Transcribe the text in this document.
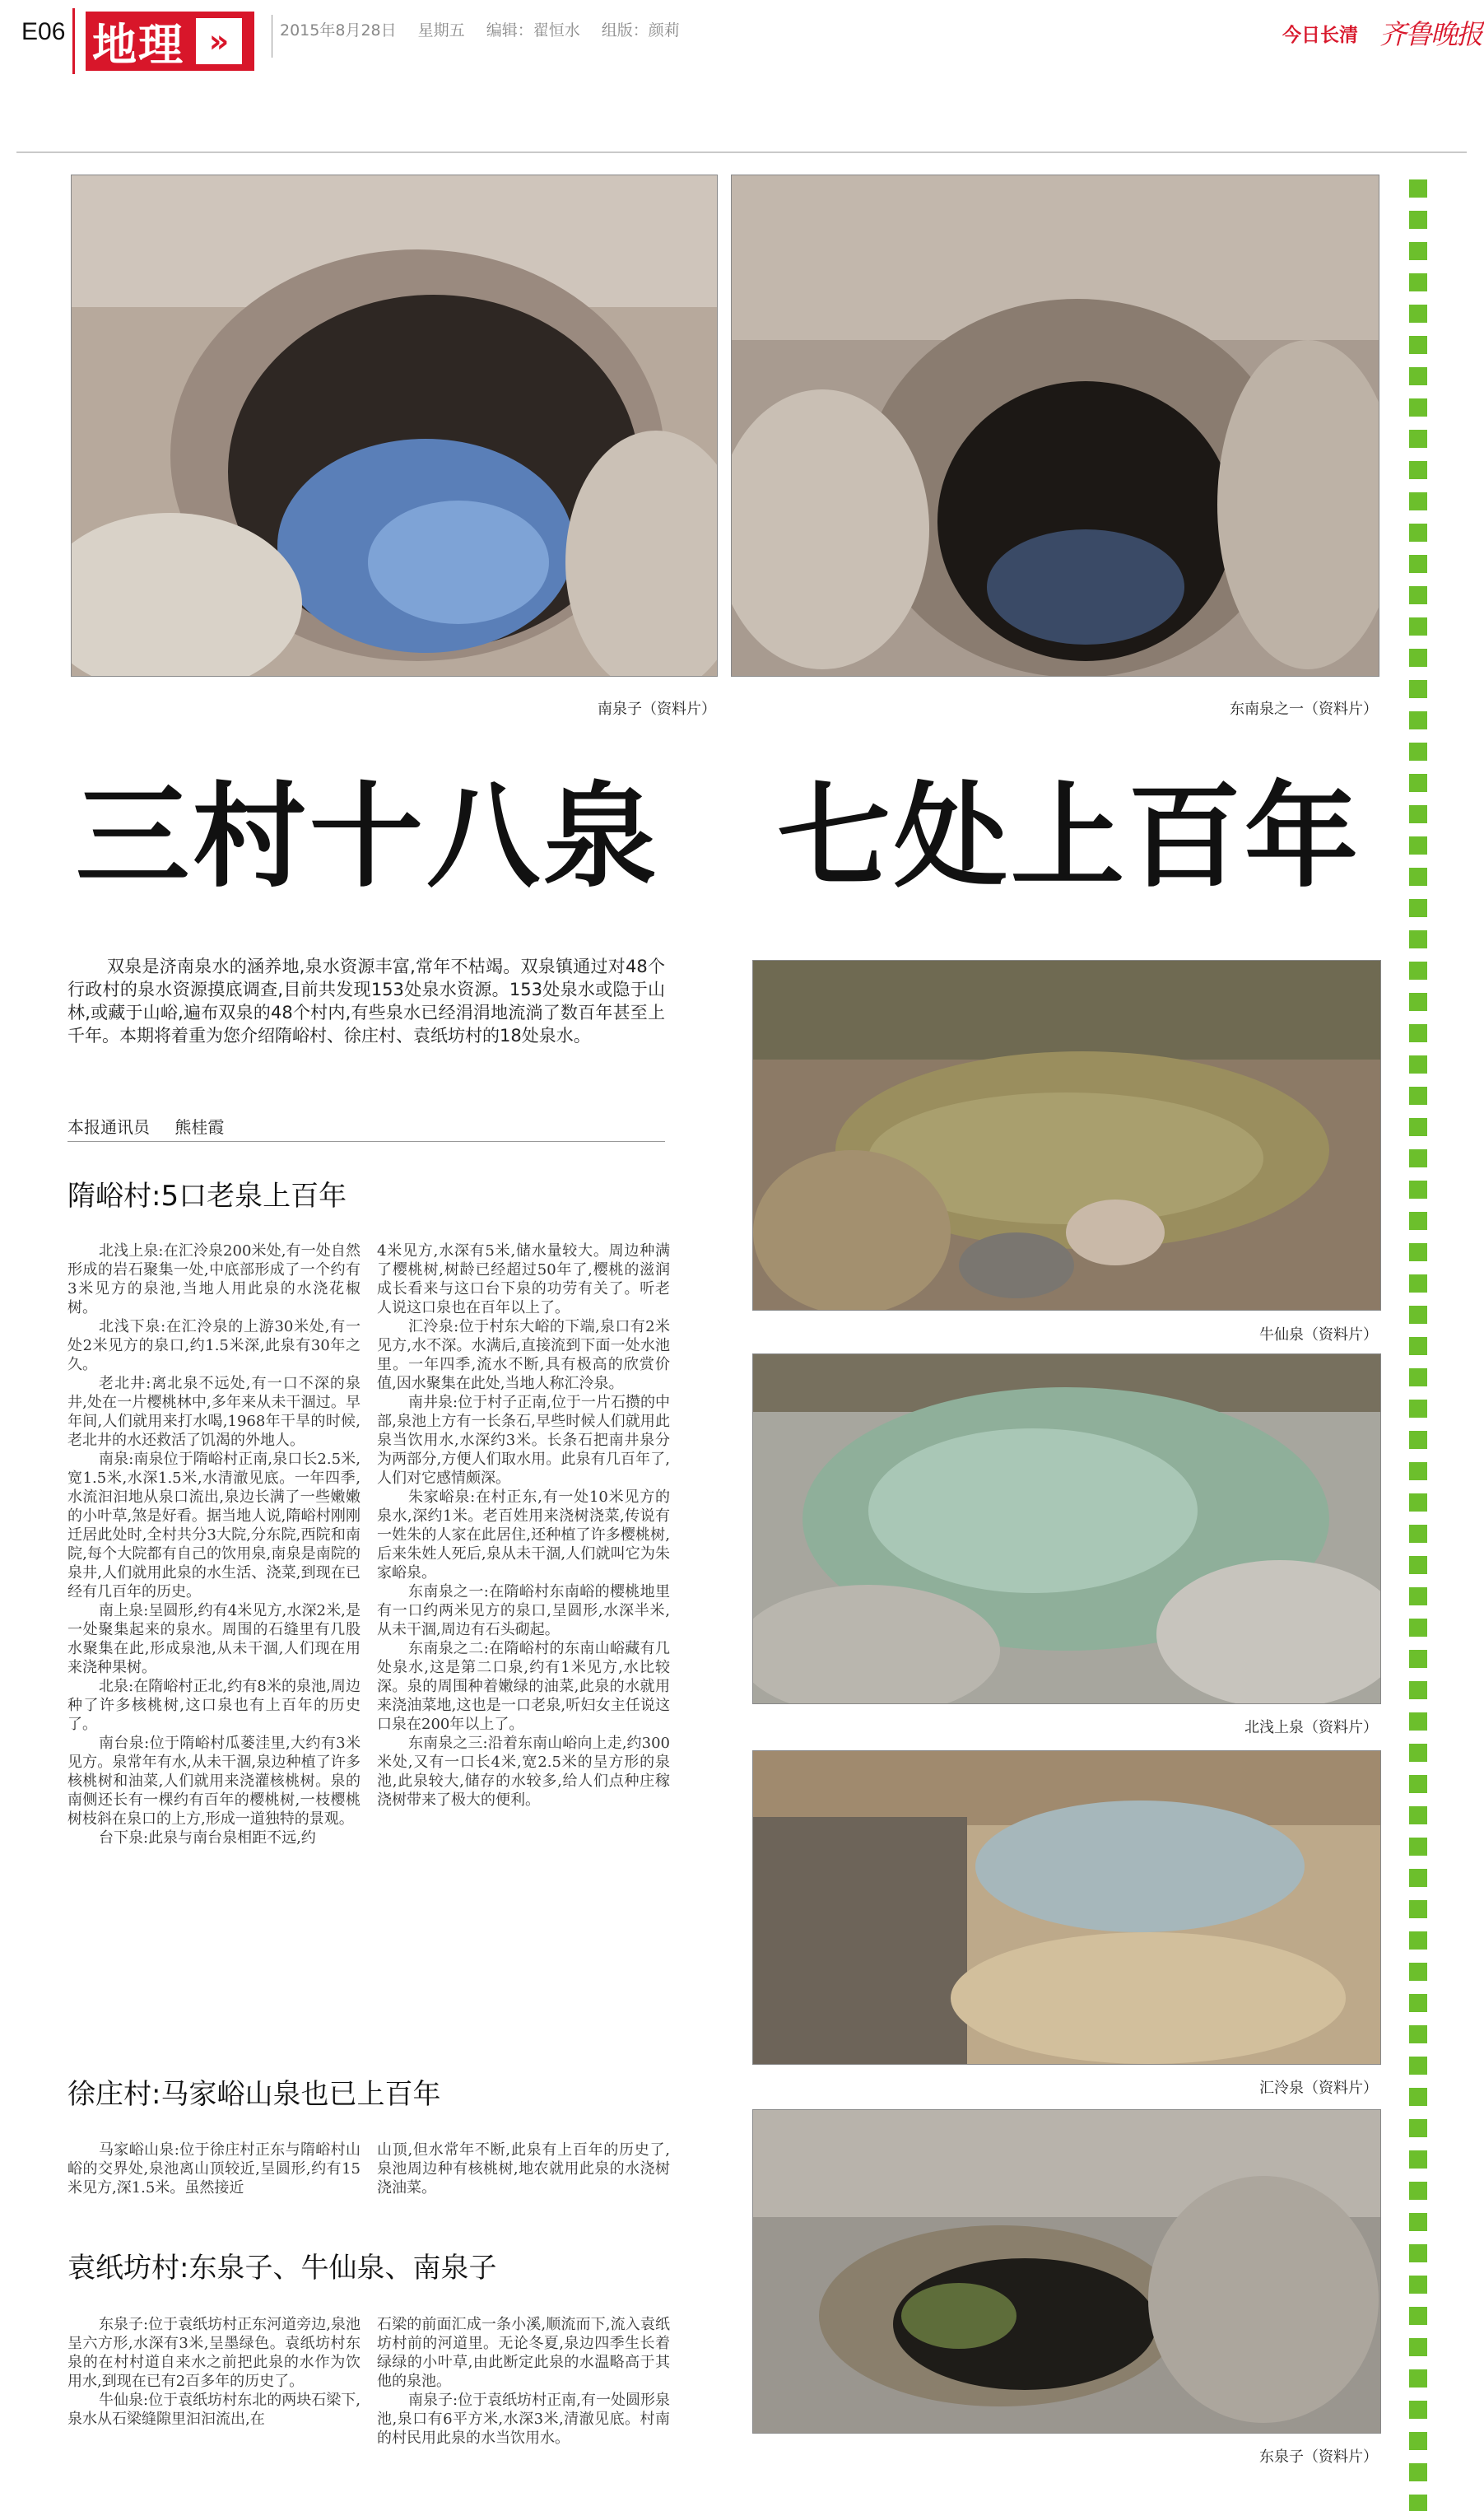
E06 地理 »	2015年8月28日 星期五 编辑：翟恒水 组版：颜莉	今日长清 齐鲁晚报
南泉子（资料片）	东南泉之一（资料片）
三村十八泉　七处上百年
双泉是济南泉水的涵养地,泉水资源丰富,常年不枯竭。双泉镇通过对48个行政村的泉水资源摸底调查,目前共发现153处泉水资源。153处泉水或隐于山林,或藏于山峪,遍布双泉的48个村内,有些泉水已经涓涓地流淌了数百年甚至上千年。本期将着重为您介绍隋峪村、徐庄村、袁纸坊村的18处泉水。
本报通讯员 熊桂霞
隋峪村:5口老泉上百年

北浅上泉:在汇泠泉200米处,有一处自然形成的岩石聚集一处,中底部形成了一个约有3米见方的泉池,当地人用此泉的水浇花椒树。

北浅下泉:在汇泠泉的上游30米处,有一处2米见方的泉口,约1.5米深,此泉有30年之久。

老北井:离北泉不远处,有一口不深的泉井,处在一片樱桃林中,多年来从未干涸过。早年间,人们就用来打水喝,1968年干旱的时候,老北井的水还救活了饥渴的外地人。

南泉:南泉位于隋峪村正南,泉口长2.5米,宽1.5米,水深1.5米,水清澈见底。一年四季,水流汩汩地从泉口流出,泉边长满了一些嫩嫩的小叶草,煞是好看。据当地人说,隋峪村刚刚迁居此处时,全村共分3大院,分东院,西院和南院,每个大院都有自己的饮用泉,南泉是南院的泉井,人们就用此泉的水生活、浇菜,到现在已经有几百年的历史。

南上泉:呈圆形,约有4米见方,水深2米,是一处聚集起来的泉水。周围的石缝里有几股水聚集在此,形成泉池,从未干涸,人们现在用来浇种果树。

北泉:在隋峪村正北,约有8米的泉池,周边种了许多核桃树,这口泉也有上百年的历史了。

南台泉:位于隋峪村瓜蒌洼里,大约有3米见方。泉常年有水,从未干涸,泉边种植了许多核桃树和油菜,人们就用来浇灌核桃树。泉的南侧还长有一棵约有百年的樱桃树,一枝樱桃树枝斜在泉口的上方,形成一道独特的景观。

台下泉:此泉与南台泉相距不远,约

4米见方,水深有5米,储水量较大。周边种满了樱桃树,树龄已经超过50年了,樱桃的滋润成长看来与这口台下泉的功劳有关了。听老人说这口泉也在百年以上了。

汇泠泉:位于村东大峪的下端,泉口有2米见方,水不深。水满后,直接流到下面一处水池里。一年四季,流水不断,具有极高的欣赏价值,因水聚集在此处,当地人称汇泠泉。

南井泉:位于村子正南,位于一片石攒的中部,泉池上方有一长条石,早些时候人们就用此泉当饮用水,水深约3米。长条石把南井泉分为两部分,方便人们取水用。此泉有几百年了,人们对它感情颇深。

朱家峪泉:在村正东,有一处10米见方的泉水,深约1米。老百姓用来浇树浇菜,传说有一姓朱的人家在此居住,还种植了许多樱桃树,后来朱姓人死后,泉从未干涸,人们就叫它为朱家峪泉。

东南泉之一:在隋峪村东南峪的樱桃地里有一口约两米见方的泉口,呈圆形,水深半米,从未干涸,周边有石头砌起。

东南泉之二:在隋峪村的东南山峪藏有几处泉水,这是第二口泉,约有1米见方,水比较深。泉的周围种着嫩绿的油菜,此泉的水就用来浇油菜地,这也是一口老泉,听妇女主任说这口泉在200年以上了。

东南泉之三:沿着东南山峪向上走,约300米处,又有一口长4米,宽2.5米的呈方形的泉池,此泉较大,储存的水较多,给人们点种庄稼浇树带来了极大的便利。

徐庄村:马家峪山泉也已上百年

马家峪山泉:位于徐庄村正东与隋峪村山峪的交界处,泉池离山顶较近,呈圆形,约有15米见方,深1.5米。虽然接近

山顶,但水常年不断,此泉有上百年的历史了,泉池周边种有核桃树,地农就用此泉的水浇树浇油菜。

袁纸坊村:东泉子、牛仙泉、南泉子

东泉子:位于袁纸坊村正东河道旁边,泉池呈六方形,水深有3米,呈墨绿色。袁纸坊村东泉的在村村道自来水之前把此泉的水作为饮用水,到现在已有2百多年的历史了。

牛仙泉:位于袁纸坊村东北的两块石梁下,泉水从石梁缝隙里汩汩流出,在

石梁的前面汇成一条小溪,顺流而下,流入袁纸坊村前的河道里。无论冬夏,泉边四季生长着绿绿的小叶草,由此断定此泉的水温略高于其他的泉池。

南泉子:位于袁纸坊村正南,有一处圆形泉池,泉口有6平方米,水深3米,清澈见底。村南的村民用此泉的水当饮用水。

牛仙泉（资料片）
北浅上泉（资料片）
汇泠泉（资料片）
东泉子（资料片）
